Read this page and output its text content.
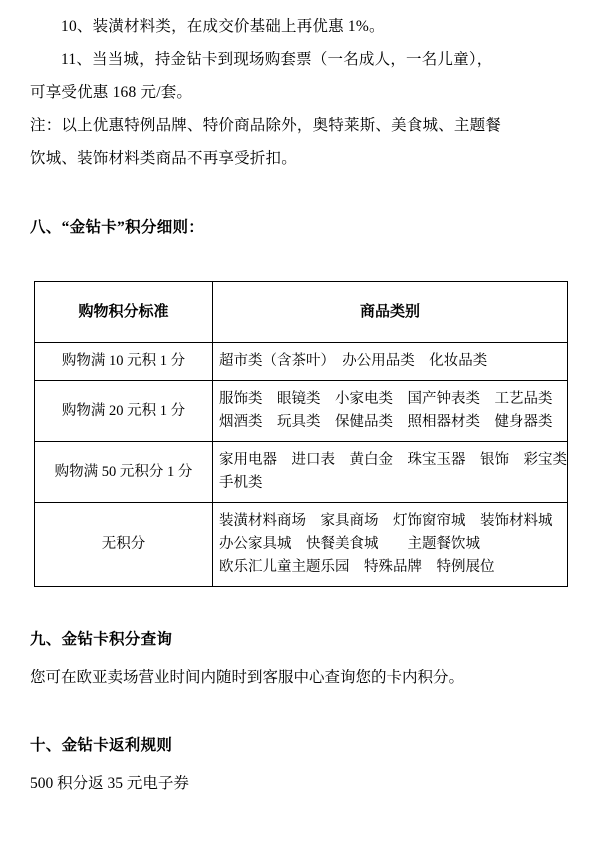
10、装潢材料类，在成交价基础上再优惠 1%。

11、当当城，持金钻卡到现场购套票（一名成人，一名儿童），

可享受优惠 168 元/套。

注：以上优惠特例品牌、特价商品除外，奥特莱斯、美食城、主题餐

饮城、装饰材料类商品不再享受折扣。

八、“金钻卡”积分细则：
购物积分标准	商品类别
购物满 10 元积 1 分	超市类（含茶叶）　办公用品类　化妆品类

购物满 20 元积 1 分	服饰类　眼镜类　小家电类　国产钟表类　工艺品类
烟酒类　玩具类　保健品类　照相器材类　健身器类

购物满 50 元积分 1 分	家用电器　进口表　黄白金　珠宝玉器　银饰　彩宝类
手机类

无积分	装潢材料商场　家具商场　灯饰窗帘城　装饰材料城
办公家具城　快餐美食城　　主题餐饮城
欧乐汇儿童主题乐园　特殊品牌　特例展位
九、金钻卡积分查询

您可在欧亚卖场营业时间内随时到客服中心查询您的卡内积分。

十、金钻卡返利规则

500 积分返 35 元电子券
